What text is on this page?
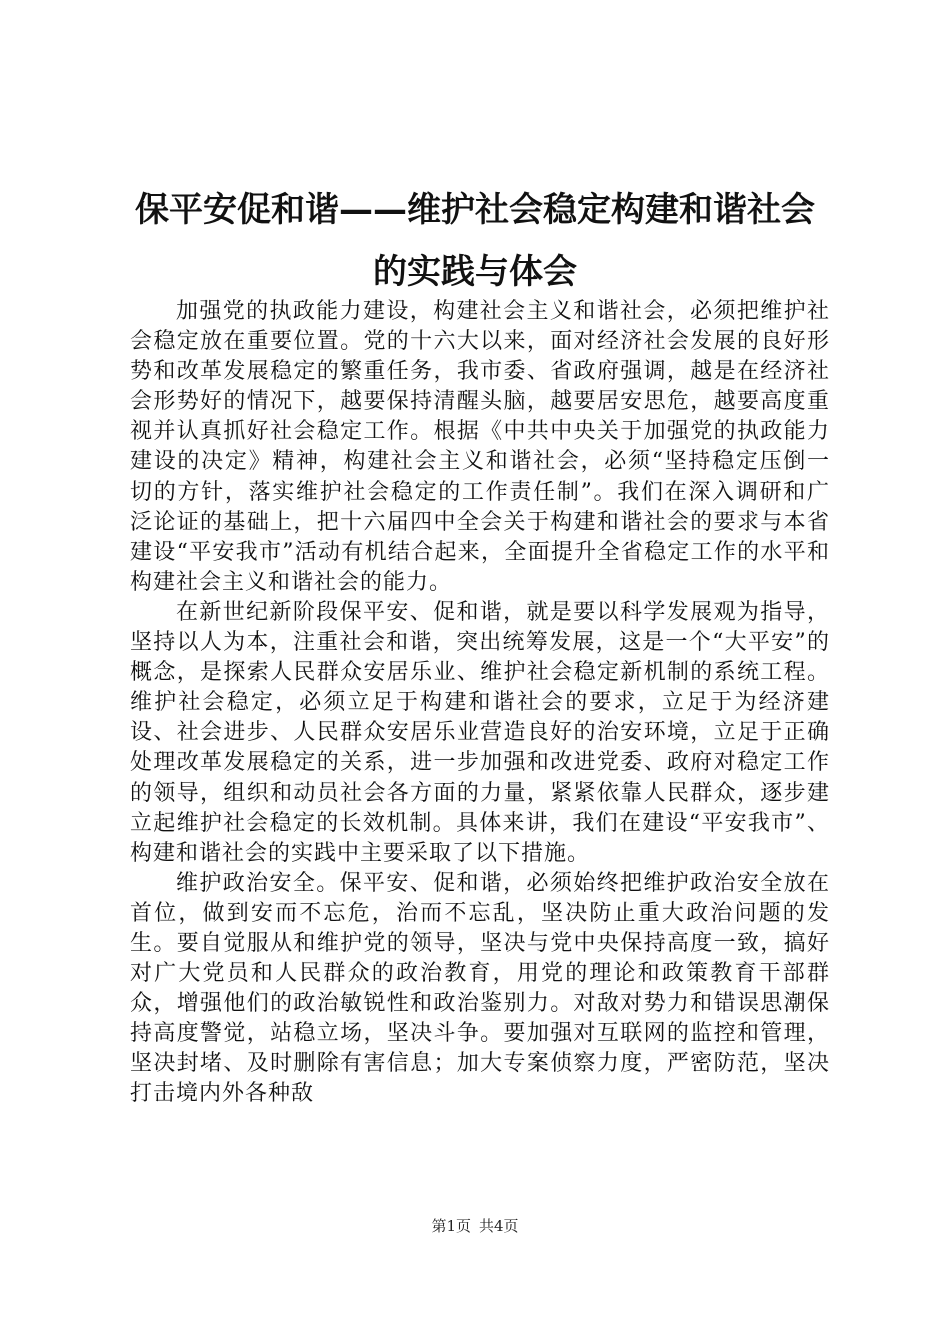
保平安促和谐——维护社会稳定构建和谐社会
的实践与体会

加强党的执政能力建设，构建社会主义和谐社会，必须把维护社会稳定放在重要位置。党的十六大以来，面对经济社会发展的良好形势和改革发展稳定的繁重任务，我市委、省政府强调，越是在经济社会形势好的情况下，越要保持清醒头脑，越要居安思危，越要高度重视并认真抓好社会稳定工作。根据《中共中央关于加强党的执政能力建设的决定》精神，构建社会主义和谐社会，必须“坚持稳定压倒一切的方针，落实维护社会稳定的工作责任制”。我们在深入调研和广泛论证的基础上，把十六届四中全会关于构建和谐社会的要求与本省建设“平安我市”活动有机结合起来，全面提升全省稳定工作的水平和构建社会主义和谐社会的能力。

在新世纪新阶段保平安、促和谐，就是要以科学发展观为指导，坚持以人为本，注重社会和谐，突出统筹发展，这是一个“大平安”的概念，是探索人民群众安居乐业、维护社会稳定新机制的系统工程。维护社会稳定，必须立足于构建和谐社会的要求，立足于为经济建设、社会进步、人民群众安居乐业营造良好的治安环境，立足于正确处理改革发展稳定的关系，进一步加强和改进党委、政府对稳定工作的领导，组织和动员社会各方面的力量，紧紧依靠人民群众，逐步建立起维护社会稳定的长效机制。具体来讲，我们在建设“平安我市”、构建和谐社会的实践中主要采取了以下措施。

维护政治安全。保平安、促和谐，必须始终把维护政治安全放在首位，做到安而不忘危，治而不忘乱，坚决防止重大政治问题的发生。要自觉服从和维护党的领导，坚决与党中央保持高度一致，搞好对广大党员和人民群众的政治教育，用党的理论和政策教育干部群众，增强他们的政治敏锐性和政治鉴别力。对敌对势力和错误思潮保持高度警觉，站稳立场，坚决斗争。要加强对互联网的监控和管理，坚决封堵、及时删除有害信息；加大专案侦察力度，严密防范，坚决打击境内外各种敌

第1页 共4页
